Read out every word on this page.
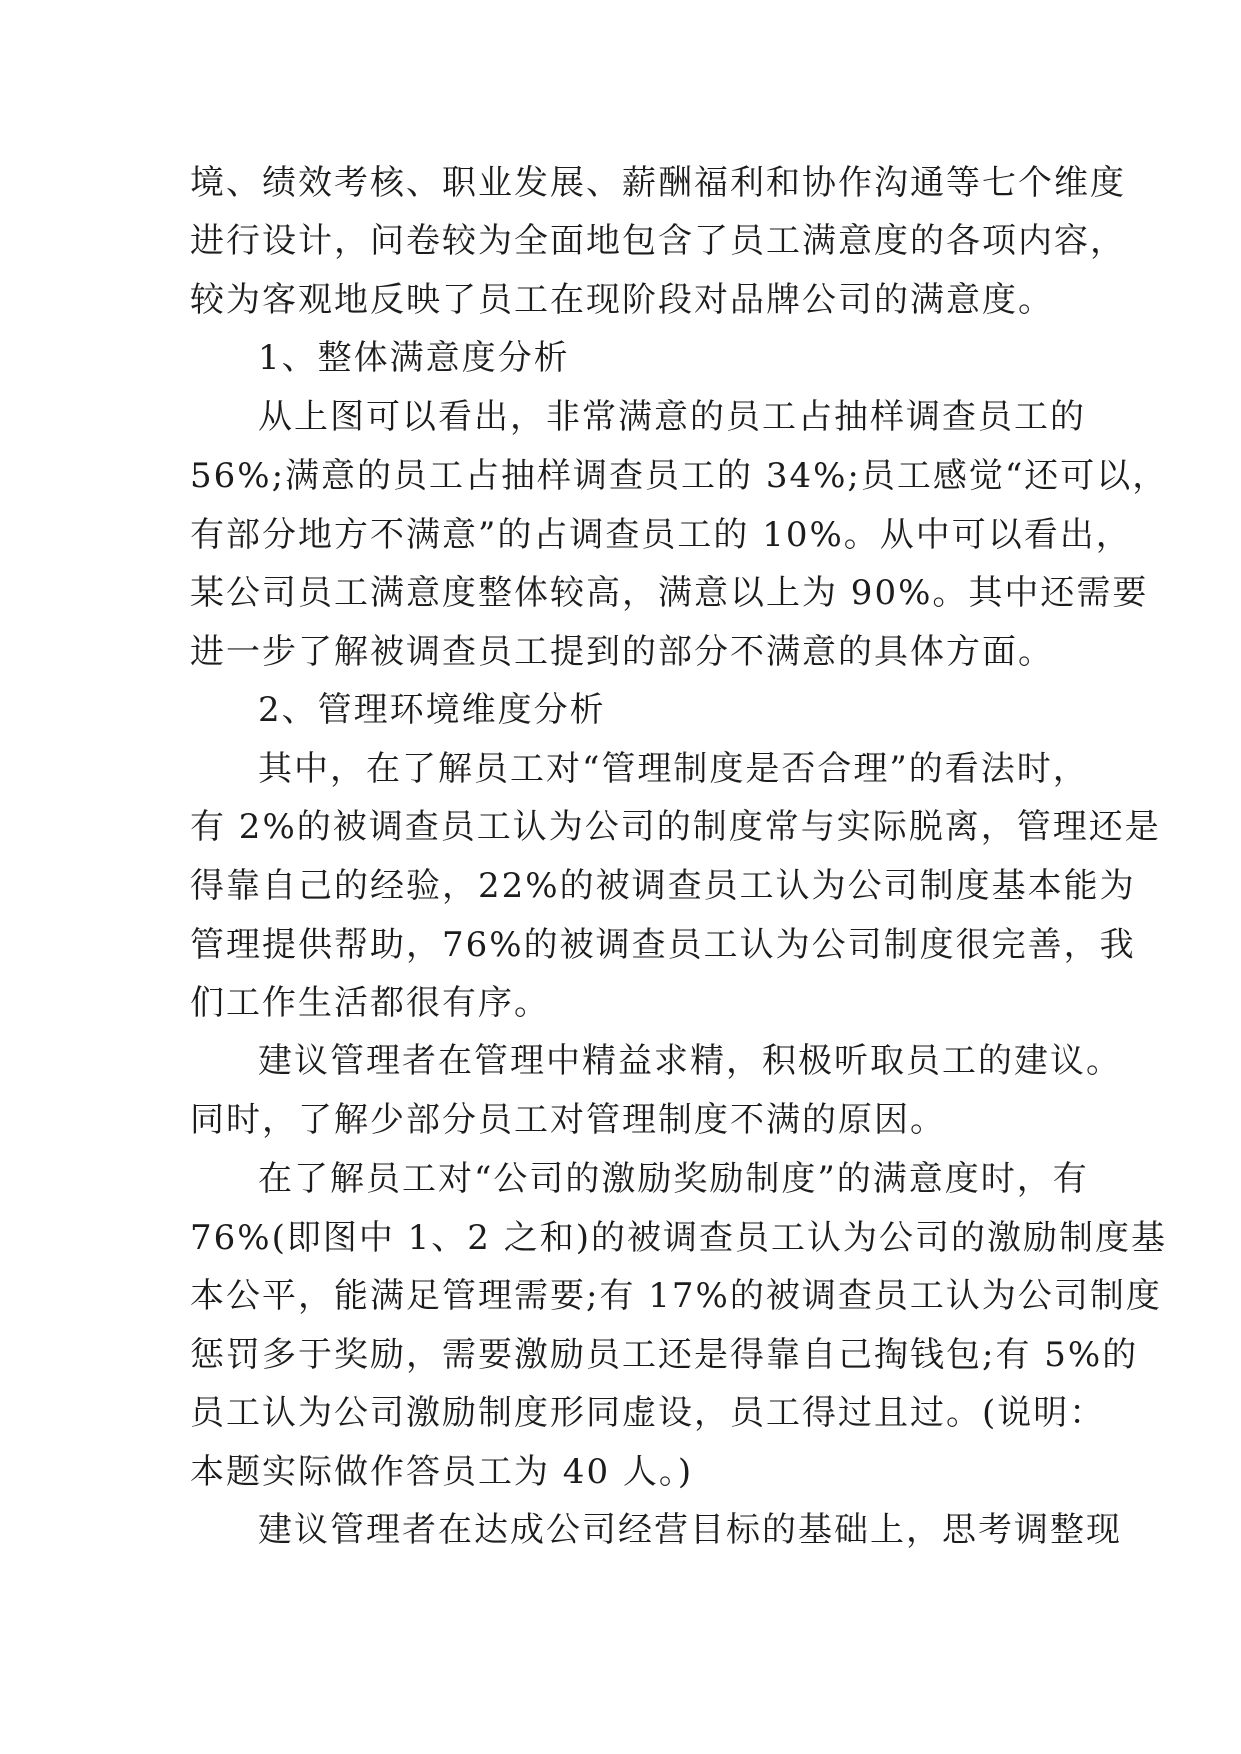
境、绩效考核、职业发展、薪酬福利和协作沟通等七个维度

进行设计，问卷较为全面地包含了员工满意度的各项内容，

较为客观地反映了员工在现阶段对品牌公司的满意度。

1、整体满意度分析

从上图可以看出，非常满意的员工占抽样调查员工的

56%;满意的员工占抽样调查员工的 34%;员工感觉“还可以，

有部分地方不满意”的占调查员工的 10%。从中可以看出，

某公司员工满意度整体较高，满意以上为 90%。其中还需要

进一步了解被调查员工提到的部分不满意的具体方面。

2、管理环境维度分析

其中，在了解员工对“管理制度是否合理”的看法时，

有 2%的被调查员工认为公司的制度常与实际脱离，管理还是

得靠自己的经验，22%的被调查员工认为公司制度基本能为

管理提供帮助，76%的被调查员工认为公司制度很完善，我

们工作生活都很有序。

建议管理者在管理中精益求精，积极听取员工的建议。

同时，了解少部分员工对管理制度不满的原因。

在了解员工对“公司的激励奖励制度”的满意度时，有

76%(即图中 1、2 之和)的被调查员工认为公司的激励制度基

本公平，能满足管理需要;有 17%的被调查员工认为公司制度

惩罚多于奖励，需要激励员工还是得靠自己掏钱包;有 5%的

员工认为公司激励制度形同虚设，员工得过且过。(说明：

本题实际做作答员工为 40 人。)

建议管理者在达成公司经营目标的基础上，思考调整现
